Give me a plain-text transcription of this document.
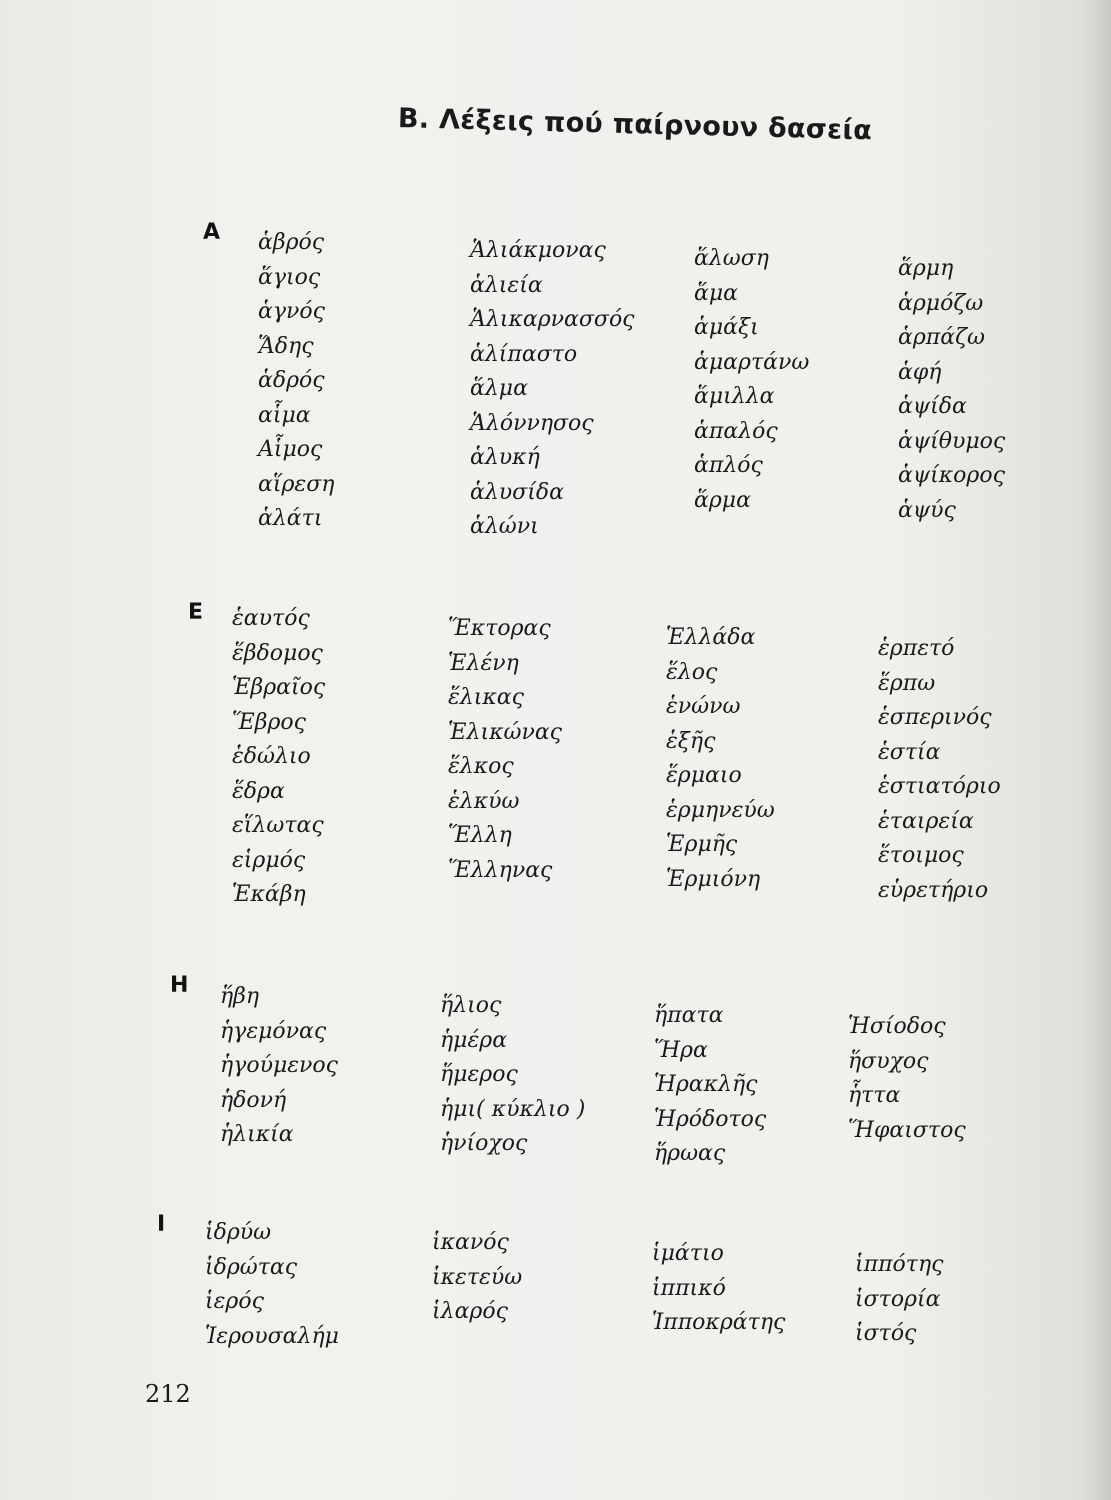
Β. Λέξεις πού παίρνουν δασεία
Α ἁβρός
ἅγιος
ἁγνός
Ἅδης
ἁδρός
αἷμα
Αἷμος
αἵρεση
ἁλάτι
Ἁλιάκμονας
ἁλιεία
Ἁλικαρνασσός
ἁλίπαστο
ἅλμα
Ἁλόννησος
ἁλυκή
ἁλυσίδα
ἁλώνι
ἅλωση
ἅμα
ἁμάξι
ἁμαρτάνω
ἅμιλλα
ἁπαλός
ἁπλός
ἅρμα
ἅρμη
ἁρμόζω
ἁρπάζω
ἁφή
ἁψίδα
ἁψίθυμος
ἁψίκορος
ἁψύς
Ε ἑαυτός
ἕβδομος
Ἑβραῖος
Ἕβρος
ἑδώλιο
ἕδρα
εἵλωτας
εἱρμός
Ἑκάβη
Ἕκτορας
Ἑλένη
ἕλικας
Ἑλικώνας
ἕλκος
ἑλκύω
Ἕλλη
Ἕλληνας
Ἑλλάδα
ἕλος
ἑνώνω
ἑξῆς
ἕρμαιο
ἑρμηνεύω
Ἑρμῆς
Ἑρμιόνη
ἑρπετό
ἕρπω
ἑσπερινός
ἑστία
ἑστιατόριο
ἑταιρεία
ἕτοιμος
εὑρετήριο
Η ἥβη
ἡγεμόνας
ἡγούμενος
ἡδονή
ἡλικία
ἥλιος
ἡμέρα
ἥμερος
ἡμι( κύκλιο )
ἡνίοχος
ἥπατα
Ἥρα
Ἡρακλῆς
Ἡρόδοτος
ἥρωας
Ἡσίοδος
ἥσυχος
ἧττα
Ἥφαιστος
Ι ἱδρύω
ἱδρώτας
ἱερός
Ἱερουσαλήμ
ἱκανός
ἱκετεύω
ἱλαρός
ἱμάτιο
ἱππικό
Ἱπποκράτης
ἱππότης
ἱστορία
ἱστός
212
